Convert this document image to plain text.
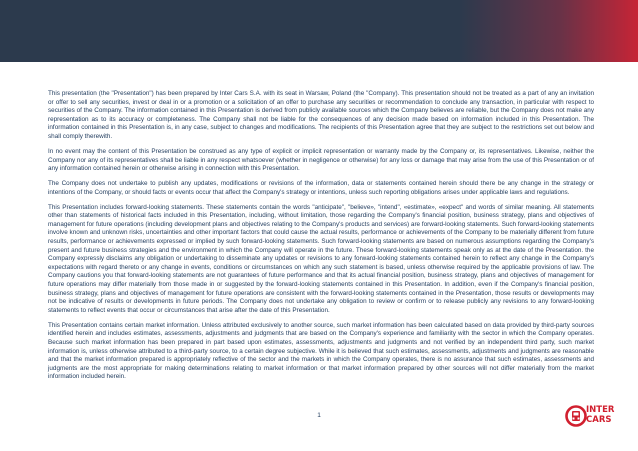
This presentation (the "Presentation") has been prepared by Inter Cars S.A. with its seat in Warsaw, Poland (the "Company). This presentation should not be treated as a part of any an invitation or offer to sell any securities, invest or deal in or a promotion or a solicitation of an offer to purchase any securities or recommendation to conclude any transaction, in particular with respect to securities of the Company. The information contained in this Presentation is derived from publicly available sources which the Company believes are reliable, but the Company does not make any representation as to its accuracy or completeness. The Company shall not be liable for the consequences of any decision made based on information included in this Presentation. The information contained in this Presentation is, in any case, subject to changes and modifications. The recipients of this Presentation agree that they are subject to the restrictions set out below and shall comply therewith.

In no event may the content of this Presentation be construed as any type of explicit or implicit representation or warranty made by the Company or, its representatives. Likewise, neither the Company nor any of its representatives shall be liable in any respect whatsoever (whether in negligence or otherwise) for any loss or damage that may arise from the use of this Presentation or of any information contained herein or otherwise arising in connection with this Presentation.

The Company does not undertake to publish any updates, modifications or revisions of the information, data or statements contained herein should there be any change in the strategy or intentions of the Company, or should facts or events occur that affect the Company's strategy or intentions, unless such reporting obligations arises under applicable laws and regulations.

This Presentation includes forward-looking statements. These statements contain the words "anticipate", "believe», "intend", «estimate», «expect" and words of similar meaning. All statements other than statements of historical facts included in this Presentation, including, without limitation, those regarding the Company's financial position, business strategy, plans and objectives of management for future operations (including development plans and objectives relating to the Company's products and services) are forward-looking statements. Such forward-looking statements involve known and unknown risks, uncertainties and other important factors that could cause the actual results, performance or achievements of the Company to be materially different from future results, performance or achievements expressed or implied by such forward-looking statements. Such forward-looking statements are based on numerous assumptions regarding the Company's present and future business strategies and the environment in which the Company will operate in the future. These forward-looking statements speak only as at the date of the Presentation. the Company expressly disclaims any obligation or undertaking to disseminate any updates or revisions to any forward-looking statements contained herein to reflect any change in the Company's expectations with regard thereto or any change in events, conditions or circumstances on which any such statement is based, unless otherwise required by the applicable provisions of law. The Company cautions you that forward-looking statements are not guarantees of future performance and that its actual financial position, business strategy, plans and objectives of management for future operations may differ materially from those made in or suggested by the forward-looking statements contained in this Presentation. In addition, even if the Company's financial position, business strategy, plans and objectives of management for future operations are consistent with the forward-looking statements contained in the Presentation, those results or developments may not be indicative of results or developments in future periods. The Company does not undertake any obligation to review or confirm or to release publicly any revisions to any forward-looking statements to reflect events that occur or circumstances that arise after the date of this Presentation.

This Presentation contains certain market information. Unless attributed exclusively to another source, such market information has been calculated based on data provided by third-party sources identified herein and includes estimates, assessments, adjustments and judgments that are based on the Company's experience and familiarity with the sector in which the Company operates. Because such market information has been prepared in part based upon estimates, assessments, adjustments and judgments and not verified by an independent third party, such market information is, unless otherwise attributed to a third-party source, to a certain degree subjective. While it is believed that such estimates, assessments, adjustments and judgments are reasonable and that the market information prepared is appropriately reflective of the sector and the markets in which the Company operates, there is no assurance that such estimates, assessments and judgments are the most appropriate for making determinations relating to market information or that market information prepared by other sources will not differ materially from the market information included herein.

1
INTER
CARS
